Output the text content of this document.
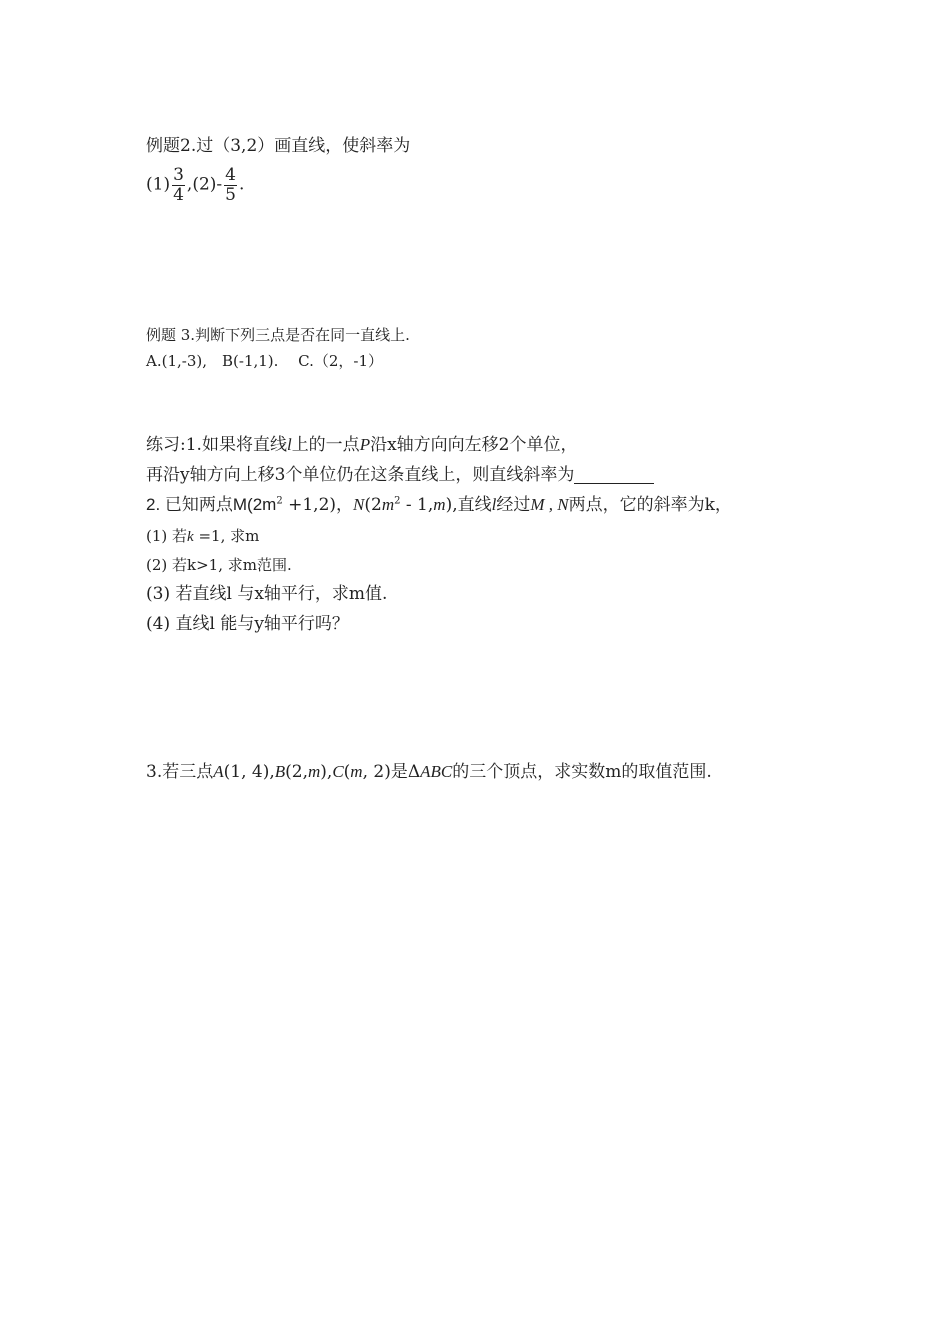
例题2.过（3,2）画直线，使斜率为
$(1) \frac{3}{4} ,(2)- \frac{4}{5}$ .
例题 3.判断下列三点是否在同一直线上.
A.(1,-3),　B(-1,1).　 C.（2，-1）
练习:1.如果将直线l上的一点P沿x轴方向向左移2个单位，
再沿y轴方向上移3个单位仍在这条直线上，则直线斜率为
2. 已知两点$M(2m^2 +1,2)$，$N(2m^2 - 1,m)$,直线l经过M , N两点，它的斜率为k，
(1) 若k =1, 求m
(2) 若k>1, 求m范围.
(3) 若直线l 与x轴平行，求m值.
(4) 直线l 能与y轴平行吗？
3.若三点A(1, 4),B(2,m),C(m, 2)是ΔABC的三个顶点，求实数m的取值范围.
